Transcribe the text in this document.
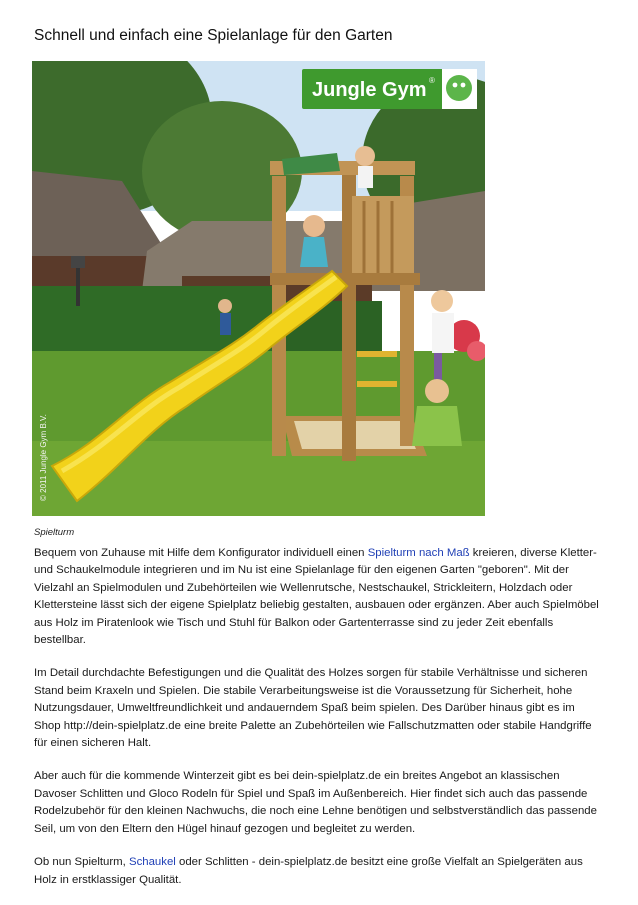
Schnell und einfach eine Spielanlage für den Garten
Jungle Gym ®
© 2011 Jungle Gym B.V.
Spielturm

Bequem von Zuhause mit Hilfe dem Konfigurator individuell einen Spielturm nach Maß kreieren, diverse Kletter- und Schaukelmodule integrieren und im Nu ist eine Spielanlage für den eigenen Garten "geboren". Mit der Vielzahl an Spielmodulen und Zubehörteilen wie Wellenrutsche, Nestschaukel, Strickleitern, Holzdach oder Klettersteine lässt sich der eigene Spielplatz beliebig gestalten, ausbauen oder ergänzen. Aber auch Spielmöbel aus Holz im Piratenlook wie Tisch und Stuhl für Balkon oder Gartenterrasse sind zu jeder Zeit ebenfalls bestellbar.

Im Detail durchdachte Befestigungen und die Qualität des Holzes sorgen für stabile Verhältnisse und sicheren Stand beim Kraxeln und Spielen. Die stabile Verarbeitungsweise ist die Voraussetzung für Sicherheit, hohe Nutzungsdauer, Umweltfreundlichkeit und andauerndem Spaß beim spielen. Des Darüber hinaus gibt es im Shop http://dein-spielplatz.de eine breite Palette an Zubehörteilen wie Fallschutzmatten oder stabile Handgriffe für einen sicheren Halt.

Aber auch für die kommende Winterzeit gibt es bei dein-spielplatz.de ein breites Angebot an klassischen Davoser Schlitten und Gloco Rodeln für Spiel und Spaß im Außenbereich. Hier findet sich auch das passende Rodelzubehör für den kleinen Nachwuchs, die noch eine Lehne benötigen und selbstverständlich das passende Seil, um von den Eltern den Hügel hinauf gezogen und begleitet zu werden.

Ob nun Spielturm, Schaukel oder Schlitten - dein-spielplatz.de besitzt eine große Vielfalt an Spielgeräten aus Holz in erstklassiger Qualität.
